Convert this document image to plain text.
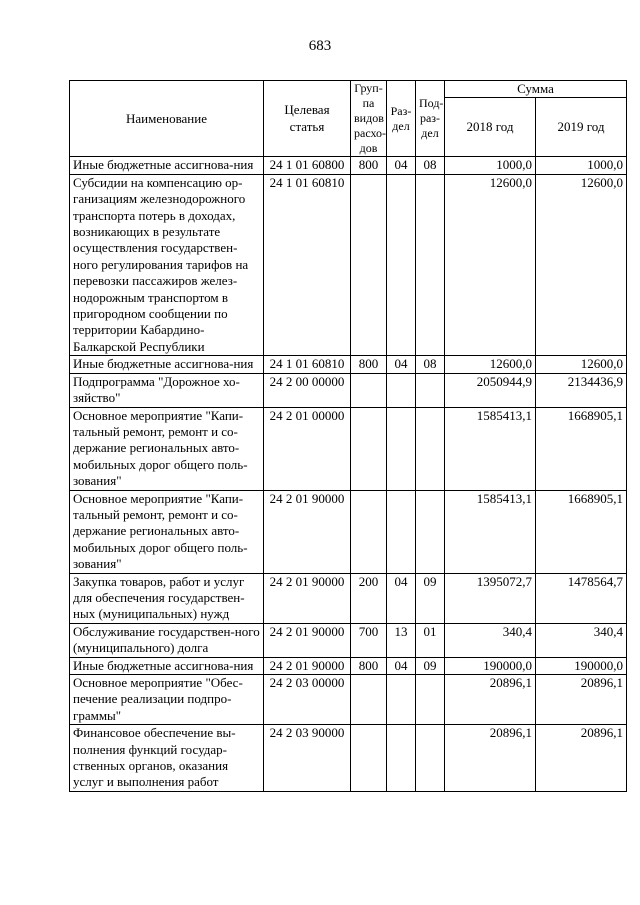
683
Наименование	Целевая статья	Груп-па видов расхо-дов	Раз-дел	Под-раз-дел	Сумма	
					2018 год	2019 год
Иные бюджетные ассигнова-ния	24 1 01 60800	800	04	08	1000,0	1000,0
Субсидии на компенсацию ор-ганизациям железнодорожного транспорта потерь в доходах, возникающих в результате осуществления государствен-ного регулирования тарифов на перевозки пассажиров желез-нодорожным транспортом в пригородном сообщении по территории Кабардино-Балкарской Республики	24 1 01 60810				12600,0	12600,0
Иные бюджетные ассигнова-ния	24 1 01 60810	800	04	08	12600,0	12600,0
Подпрограмма "Дорожное хо-зяйство"	24 2 00 00000				2050944,9	2134436,9
Основное мероприятие "Капи-тальный ремонт, ремонт и со-держание региональных авто-мобильных дорог общего поль-зования"	24 2 01 00000				1585413,1	1668905,1
Основное мероприятие "Капи-тальный ремонт, ремонт и со-держание региональных авто-мобильных дорог общего поль-зования"	24 2 01 90000				1585413,1	1668905,1
Закупка товаров, работ и услуг для обеспечения государствен-ных (муниципальных) нужд	24 2 01 90000	200	04	09	1395072,7	1478564,7
Обслуживание государствен-ного (муниципального) долга	24 2 01 90000	700	13	01	340,4	340,4
Иные бюджетные ассигнова-ния	24 2 01 90000	800	04	09	190000,0	190000,0
Основное мероприятие "Обес-печение реализации подпро-граммы"	24 2 03 00000				20896,1	20896,1
Финансовое обеспечение вы-полнения функций государ-ственных органов, оказания услуг и выполнения работ	24 2 03 90000				20896,1	20896,1
